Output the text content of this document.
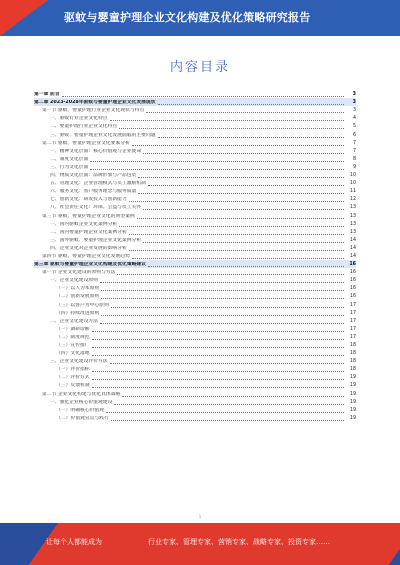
驱蚊与婴童护理企业文化构建及优化策略研究报告
内容目录
第一章 前言	3
第二章 2023-2028年驱蚊与婴童护理企业文化发展现状	3
第一节 驱蚊、婴童护理行业企业文化现状与特点	3
一、驱蚊行业企业文化特点	4
二、婴童护理行业企业文化特点	5
三、驱蚊、婴童护理企业文化发展面临的主要问题	6
第二节 驱蚊、婴童护理企业文化要素分析	7
一、精神文化层面：核心价值观与企业使命	7
二、制度文化层面	8
三、行为文化层面	9
四、物质文化层面：品牌形象与产品包装	10
五、管理文化：企业管理模式与员工激励机制	10
六、服务文化：客户服务理念与服务质量	11
七、创新文化：研发投入与创新能力	12
八、社会责任文化：环保、公益与员工关怀	13
第三节 驱蚊、婴童护理企业文化的典型案例	13
一、国内驱蚊企业文化案例分析	13
二、国内婴童护理企业文化案例分析	13
三、国外驱蚊、婴童护理企业文化案例分析	14
四、企业文化对企业发展的影响分析	14
第四节 驱蚊、婴童护理企业文化发展趋势	14
第三章 驱蚊与婴童护理企业文化构建及优化策略建议	16
第一节 企业文化建设的原则与方法	16
一、企业文化建设原则	16
（一）以人为本原则	16
（二）创新发展原则	16
（三）以客户为中心原则	17
（四）持续改进原则	17
二、企业文化建设方法	17
（一）调研诊断	17
（二）制度规范	17
（三）宣传推广	18
（四）文化落地	18
三、企业文化建设评价方法	18
（一）评价指标	18
（二）评价方式	19
（三）反馈机制	19
第二节 企业文化构建与优化具体策略	19
一、强化企业核心价值观建设	19
（一）明确核心价值观	19
（二）价值观宣贯与践行	19
1
让每个人都能成为	行业专家、管理专家、营销专家、战略专家、投资专家……
